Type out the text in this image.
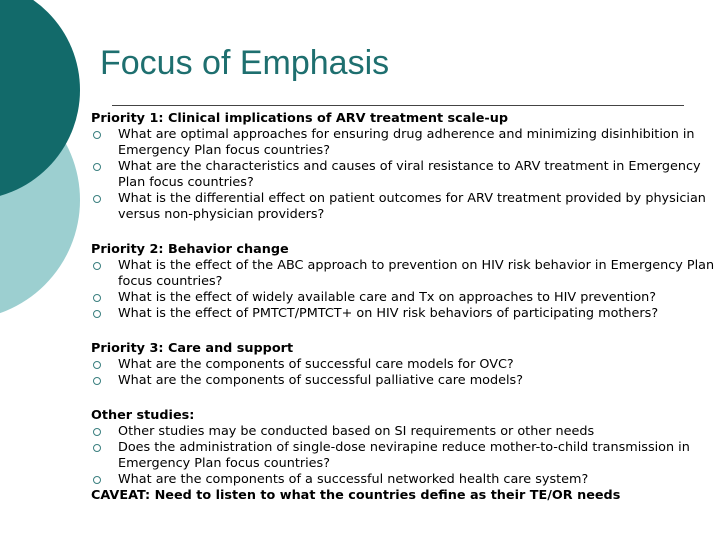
Focus of Emphasis
Priority 1: Clinical implications of ARV treatment scale-up
What are optimal approaches for ensuring drug adherence and minimizing disinhibition in Emergency Plan focus countries?
What are the characteristics and causes of viral resistance to ARV treatment in Emergency Plan focus countries?
What is the differential effect on patient outcomes for ARV treatment provided by physician versus non-physician providers?
Priority 2: Behavior change
What is the effect of the ABC approach to prevention on HIV risk behavior in Emergency Plan focus countries?
What is the effect of widely available care and Tx on approaches to HIV prevention?
What is the effect of PMTCT/PMTCT+ on HIV risk behaviors of participating mothers?
Priority 3: Care and support
What are the components of successful care models for OVC?
What are the components of successful palliative care models?
Other studies:
Other studies may be conducted based on SI requirements or other needs
Does the administration of single-dose nevirapine reduce mother-to-child transmission in Emergency Plan focus countries?
What are the components of a successful networked health care system?
CAVEAT: Need to listen to what the countries define as their TE/OR needs
